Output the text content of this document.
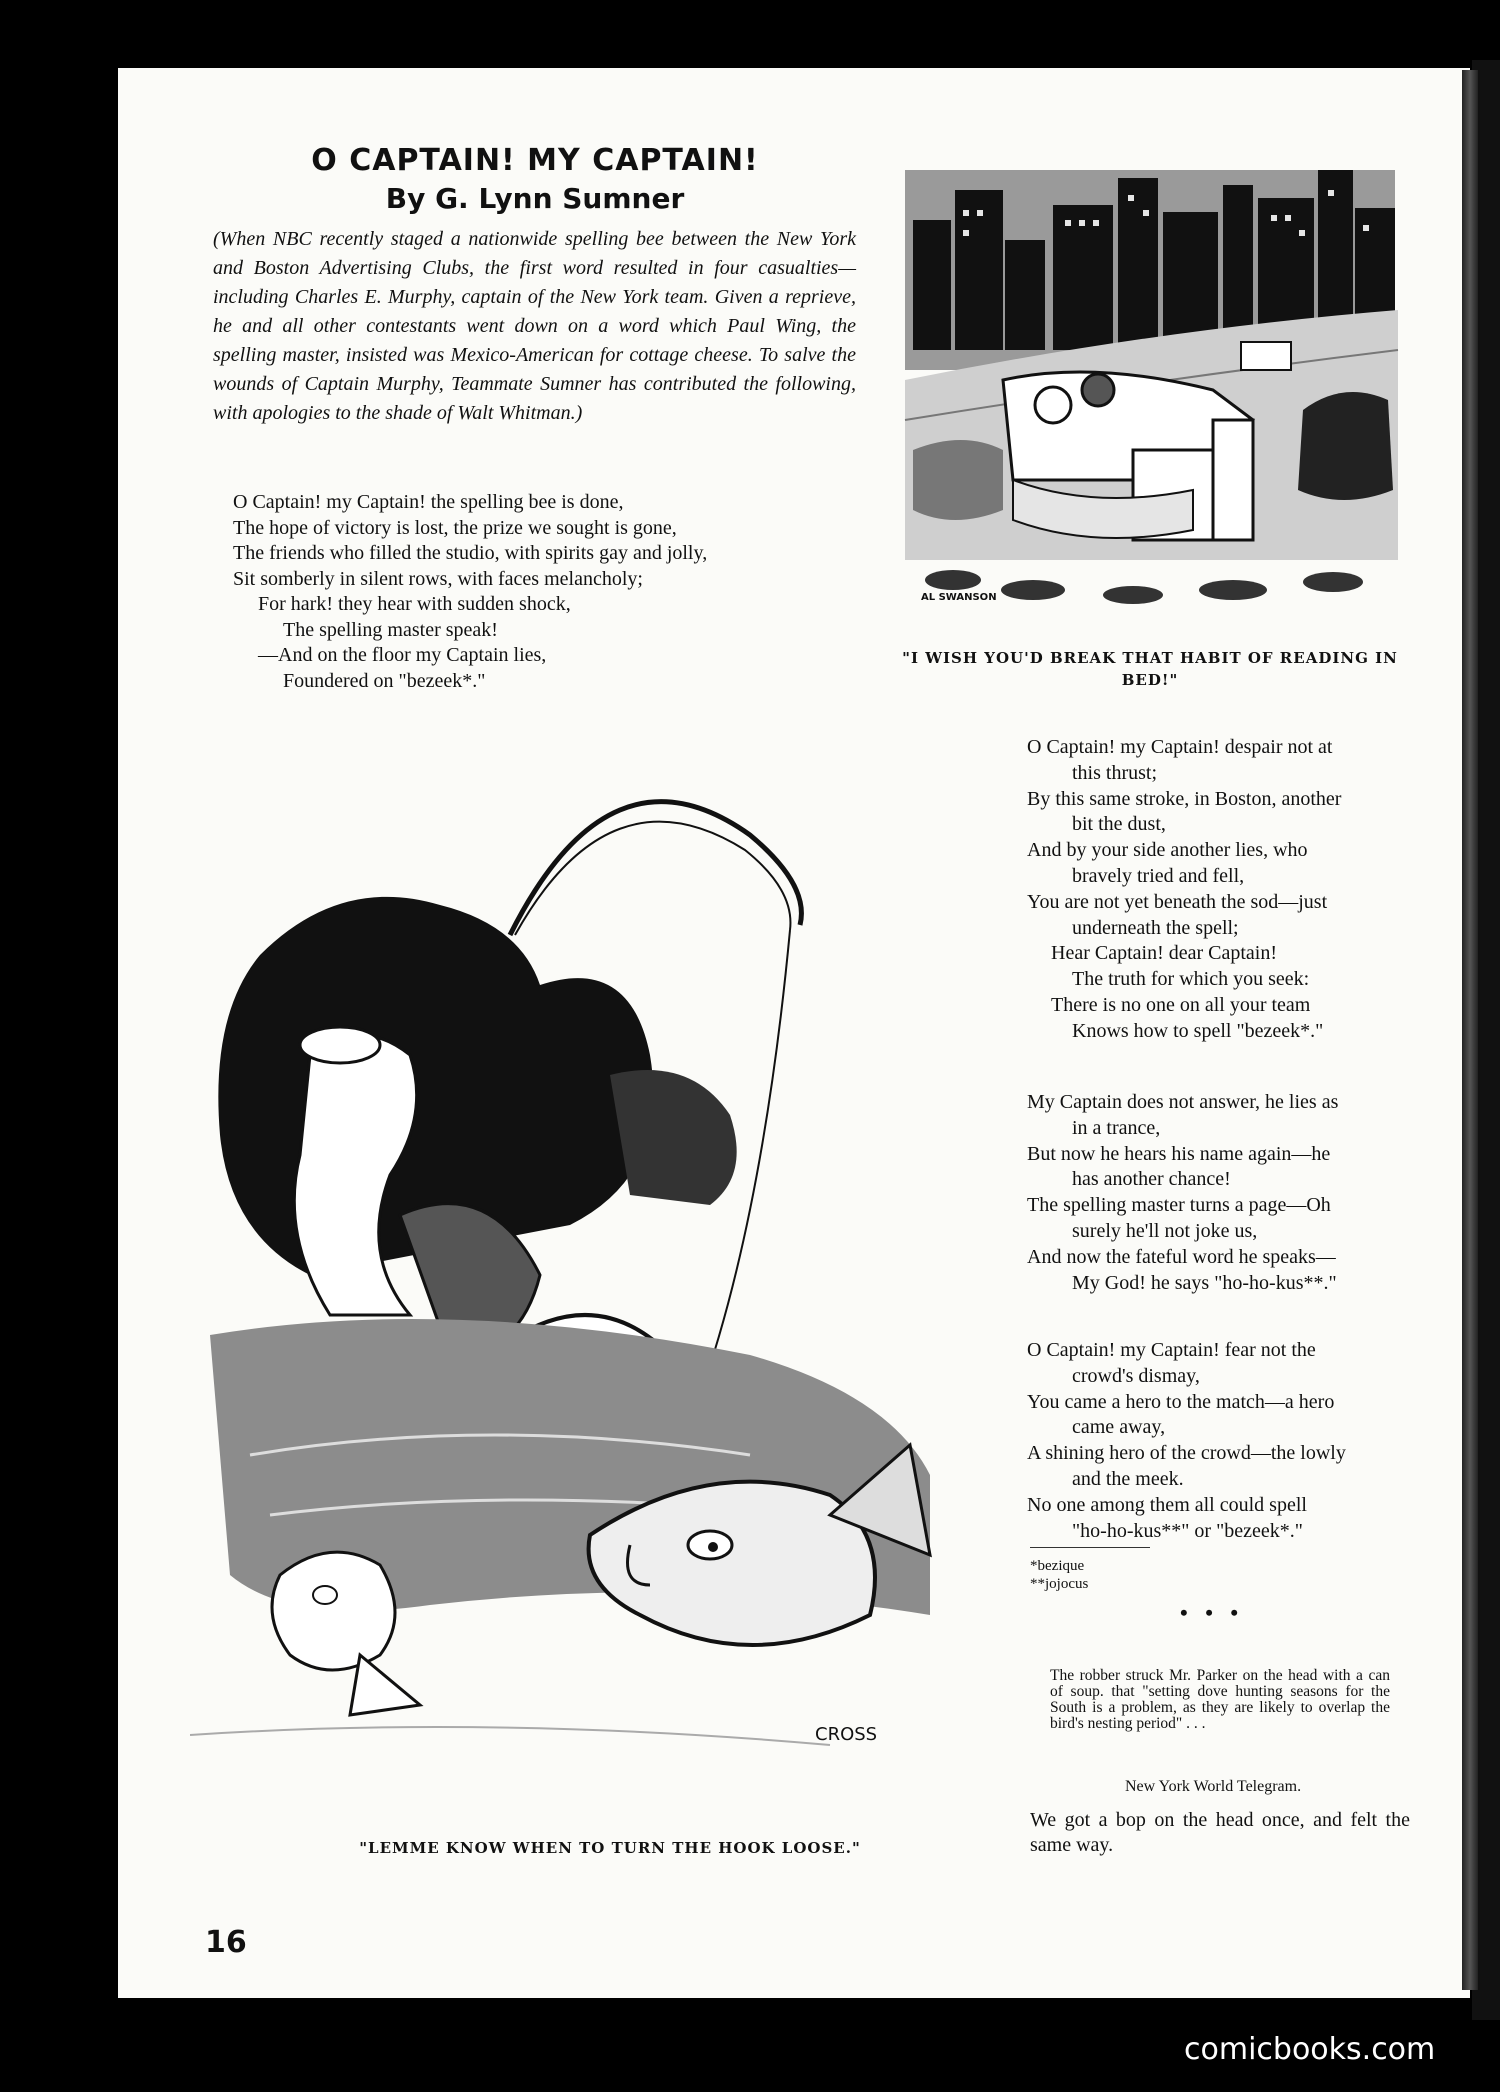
O CAPTAIN! MY CAPTAIN!
By G. Lynn Sumner
(When NBC recently staged a nationwide spelling bee between the New York and Boston Advertising Clubs, the first word resulted in four casualties—including Charles E. Murphy, captain of the New York team. Given a reprieve, he and all other contestants went down on a word which Paul Wing, the spelling master, insisted was Mexico-American for cottage cheese. To salve the wounds of Captain Murphy, Teammate Sumner has contributed the following, with apologies to the shade of Walt Whitman.)
O Captain! my Captain! the spelling bee is done,
The hope of victory is lost, the prize we sought is gone,
The friends who filled the studio, with spirits gay and jolly,
Sit somberly in silent rows, with faces melancholy;
For hark! they hear with sudden shock,
The spelling master speak!
—And on the floor my Captain lies,
Foundered on "bezeek*."
AL SWANSON
"I WISH YOU'D BREAK THAT HABIT OF READING IN BED!"
CROSS
"LEMME KNOW WHEN TO TURN THE HOOK LOOSE."
O Captain! my Captain! despair not at
this thrust;
By this same stroke, in Boston, another
bit the dust,
And by your side another lies, who
bravely tried and fell,
You are not yet beneath the sod—just
underneath the spell;
Hear Captain! dear Captain!
The truth for which you seek:
There is no one on all your team
Knows how to spell "bezeek*."
My Captain does not answer, he lies as
in a trance,
But now he hears his name again—he
has another chance!
The spelling master turns a page—Oh
surely he'll not joke us,
And now the fateful word he speaks—
My God! he says "ho-ho-kus**."
O Captain! my Captain! fear not the
crowd's dismay,
You came a hero to the match—a hero
came away,
A shining hero of the crowd—the lowly
and the meek.
No one among them all could spell
"ho-ho-kus**" or "bezeek*."
*bezique
**jojocus
• • •
The robber struck Mr. Parker on the head with a can of soup. that "setting dove hunting seasons for the South is a problem, as they are likely to overlap the bird's nesting period" . . .
New York World Telegram.
We got a bop on the head once, and felt the same way.
16
comicbooks.com
